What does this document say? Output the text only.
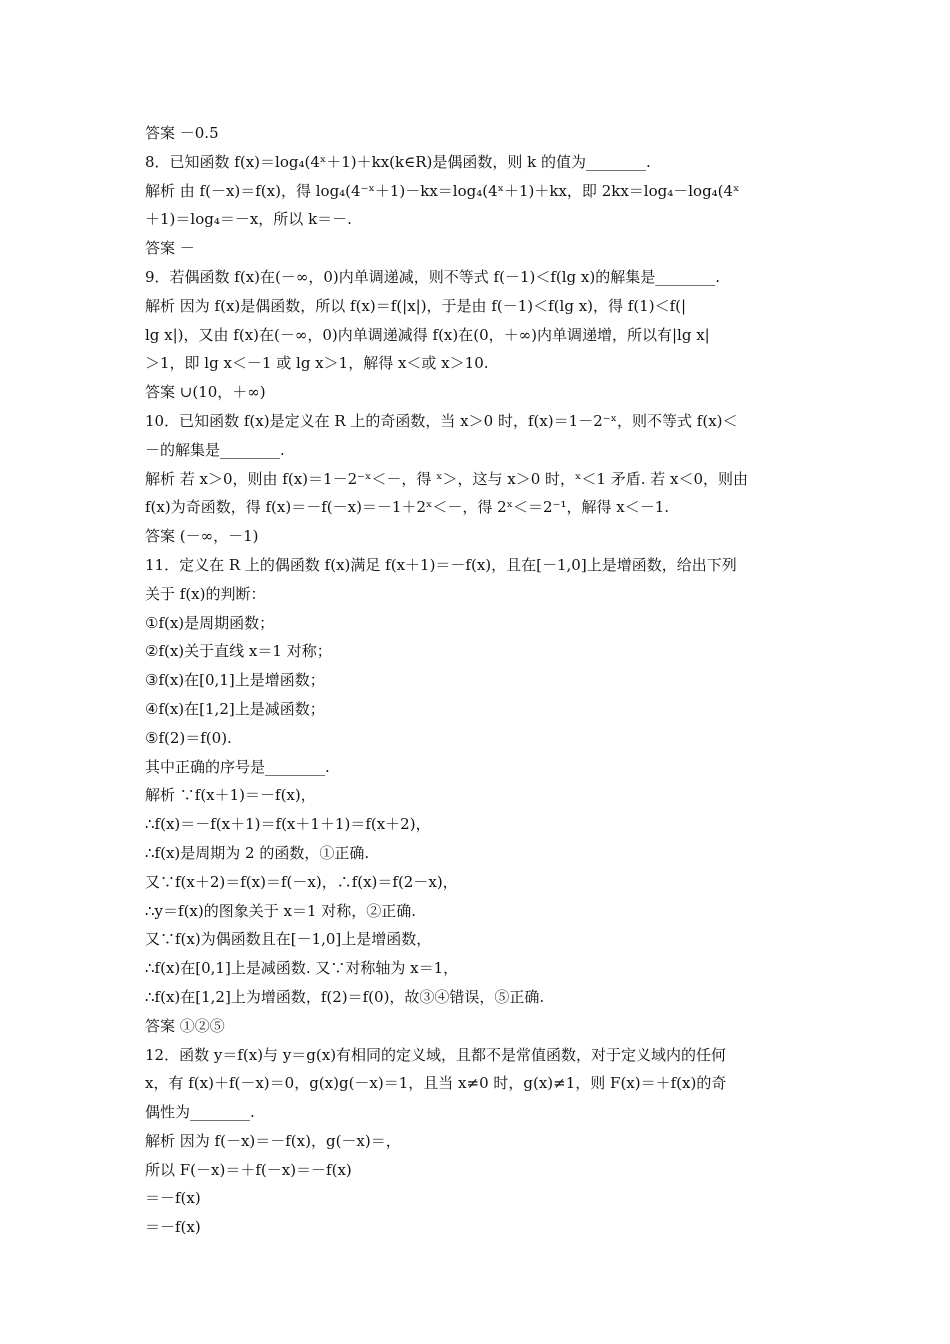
答案 －0.5
8．已知函数 f(x)＝log₄(4ˣ＋1)＋kx(k∈R)是偶函数，则 k 的值为________.
解析 由 f(－x)＝f(x)，得 log₄(4⁻ˣ＋1)－kx＝log₄(4ˣ＋1)＋kx，即 2kx＝log₄－log₄(4ˣ
＋1)＝log₄＝－x，所以 k＝－.
答案 －
9．若偶函数 f(x)在(－∞，0)内单调递减，则不等式 f(－1)＜f(lg x)的解集是________.
解析 因为 f(x)是偶函数，所以 f(x)＝f(|x|)，于是由 f(－1)＜f(lg x)，得 f(1)＜f(|
lg x|)，又由 f(x)在(－∞，0)内单调递减得 f(x)在(0，＋∞)内单调递增，所以有|lg x|
＞1，即 lg x＜－1 或 lg x＞1，解得 x＜或 x＞10.
答案 ∪(10，＋∞)
10．已知函数 f(x)是定义在 R 上的奇函数，当 x＞0 时，f(x)＝1－2⁻ˣ，则不等式 f(x)＜
－的解集是________.
解析 若 x＞0，则由 f(x)＝1－2⁻ˣ＜－，得 ˣ＞，这与 x＞0 时，ˣ＜1 矛盾. 若 x＜0，则由
f(x)为奇函数，得 f(x)＝－f(－x)＝－1＋2ˣ＜－，得 2ˣ＜＝2⁻¹，解得 x＜－1.
答案 (－∞，－1)
11．定义在 R 上的偶函数 f(x)满足 f(x＋1)＝－f(x)，且在[－1,0]上是增函数，给出下列
关于 f(x)的判断：
①f(x)是周期函数；
②f(x)关于直线 x＝1 对称；
③f(x)在[0,1]上是增函数；
④f(x)在[1,2]上是减函数；
⑤f(2)＝f(0).
其中正确的序号是________.
解析 ∵f(x＋1)＝－f(x)，
∴f(x)＝－f(x＋1)＝f(x＋1＋1)＝f(x＋2)，
∴f(x)是周期为 2 的函数，①正确.
又∵f(x＋2)＝f(x)＝f(－x)，∴f(x)＝f(2－x)，
∴y＝f(x)的图象关于 x＝1 对称，②正确.
又∵f(x)为偶函数且在[－1,0]上是增函数，
∴f(x)在[0,1]上是减函数. 又∵对称轴为 x＝1，
∴f(x)在[1,2]上为增函数，f(2)＝f(0)，故③④错误，⑤正确.
答案 ①②⑤
12．函数 y＝f(x)与 y＝g(x)有相同的定义域，且都不是常值函数，对于定义域内的任何
x，有 f(x)＋f(－x)＝0，g(x)g(－x)＝1，且当 x≠0 时，g(x)≠1，则 F(x)＝＋f(x)的奇
偶性为________.
解析 因为 f(－x)＝－f(x)，g(－x)＝，
所以 F(－x)＝＋f(－x)＝－f(x)
＝－f(x)
＝－f(x)
